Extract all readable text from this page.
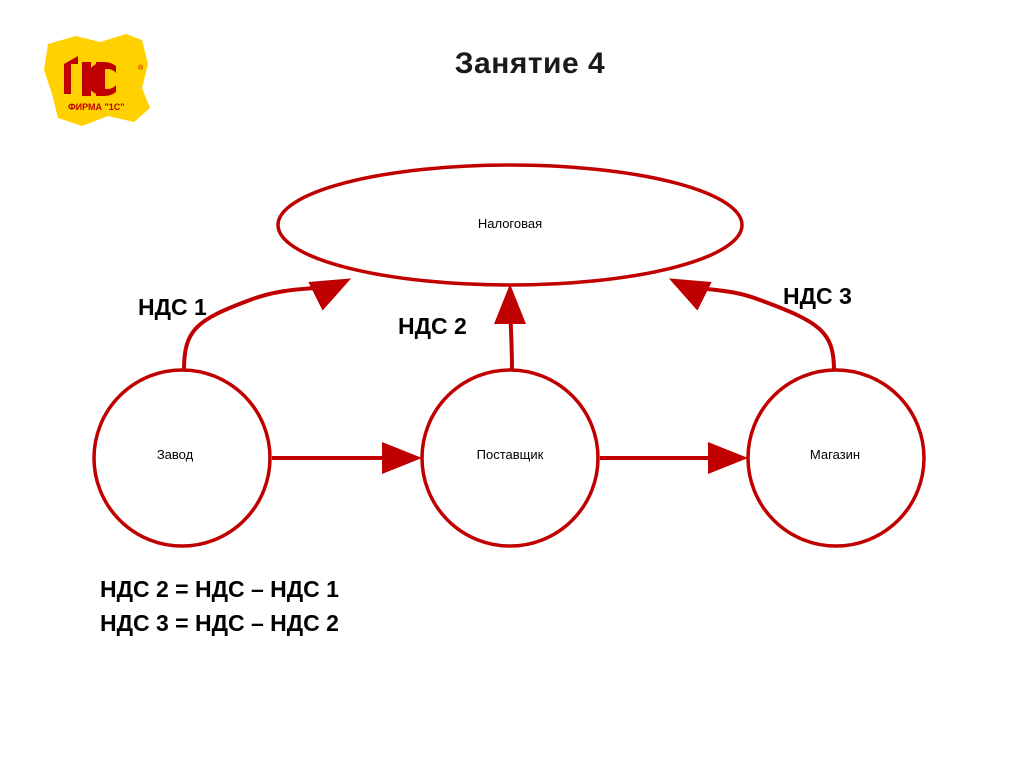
ФИРМА "1С"
®	Занятие 4
Налоговая
Завод	Поставщик	Магазин
НДС 1
НДС 2
НДС 3
НДС 2 = НДС – НДС 1
НДС 3 = НДС – НДС 2
